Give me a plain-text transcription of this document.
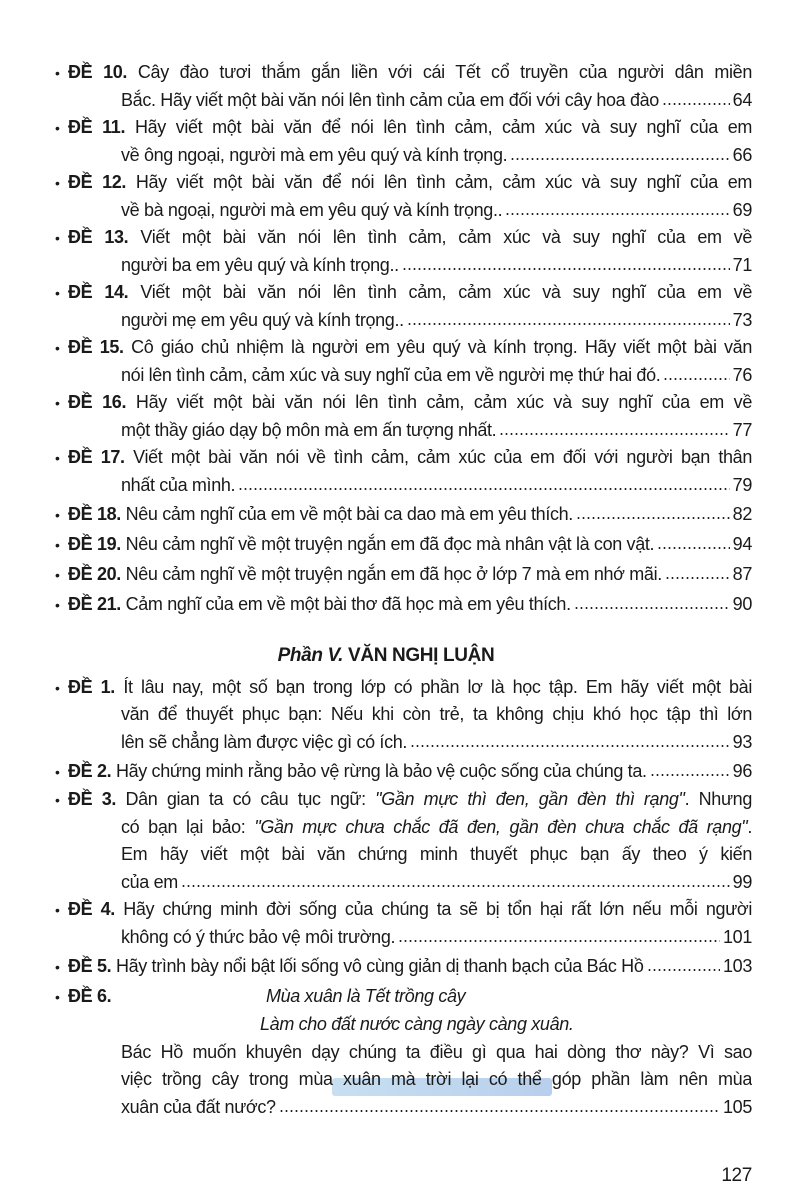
• ĐỀ 10. Cây đào tươi thắm gắn liền với cái Tết cổ truyền của người dân miền
Bắc. Hãy viết một bài văn nói lên tình cảm của em đối với cây hoa đào	64
• ĐỀ 11. Hãy viết một bài văn để nói lên tình cảm, cảm xúc và suy nghĩ của em
về ông ngoại, người mà em yêu quý và kính trọng.	66
• ĐỀ 12. Hãy viết một bài văn để nói lên tình cảm, cảm xúc và suy nghĩ của em
về bà ngoại, người mà em yêu quý và kính trọng..	69
• ĐỀ 13. Viết một bài văn nói lên tình cảm, cảm xúc và suy nghĩ của em về
người ba em yêu quý và kính trọng..	71
• ĐỀ 14. Viết một bài văn nói lên tình cảm, cảm xúc và suy nghĩ của em về
người mẹ em yêu quý và kính trọng..	73
• ĐỀ 15. Cô giáo chủ nhiệm là người em yêu quý và kính trọng. Hãy viết một bài văn
nói lên tình cảm, cảm xúc và suy nghĩ của em về người mẹ thứ hai đó.	76
• ĐỀ 16. Hãy viết một bài văn nói lên tình cảm, cảm xúc và suy nghĩ của em về
một thầy giáo dạy bộ môn mà em ấn tượng nhất.	77
• ĐỀ 17. Viết một bài văn nói về tình cảm, cảm xúc của em đối với người bạn thân
nhất của mình.	79
• ĐỀ 18. Nêu cảm nghĩ của em về một bài ca dao mà em yêu thích.	82
• ĐỀ 19. Nêu cảm nghĩ về một truyện ngắn em đã đọc mà nhân vật là con vật.	94
• ĐỀ 20. Nêu cảm nghĩ về một truyện ngắn em đã học ở lớp 7 mà em nhớ mãi.	87
• ĐỀ 21. Cảm nghĩ của em về một bài thơ đã học mà em yêu thích.	90
Phần V. VĂN NGHỊ LUẬN
• ĐỀ 1. Ít lâu nay, một số bạn trong lớp có phần lơ là học tập. Em hãy viết một bài
văn để thuyết phục bạn: Nếu khi còn trẻ, ta không chịu khó học tập thì lớn
lên sẽ chẳng làm được việc gì có ích.	93
• ĐỀ 2. Hãy chứng minh rằng bảo vệ rừng là bảo vệ cuộc sống của chúng ta.	96
• ĐỀ 3. Dân gian ta có câu tục ngữ: "Gần mực thì đen, gần đèn thì rạng". Nhưng
có bạn lại bảo: "Gần mực chưa chắc đã đen, gần đèn chưa chắc đã rạng".
Em hãy viết một bài văn chứng minh thuyết phục bạn ấy theo ý kiến
của em	99
• ĐỀ 4. Hãy chứng minh đời sống của chúng ta sẽ bị tổn hại rất lớn nếu mỗi người
không có ý thức bảo vệ môi trường.	101
• ĐỀ 5. Hãy trình bày nổi bật lối sống vô cùng giản dị thanh bạch của Bác Hồ	103
• ĐỀ 6.	Mùa xuân là Tết trồng cây
Làm cho đất nước càng ngày càng xuân.
Bác Hồ muốn khuyên dạy chúng ta điều gì qua hai dòng thơ này? Vì sao
việc trồng cây trong mùa xuân mà trời lại có thể góp phần làm nên mùa
xuân của đất nước?	105
127
